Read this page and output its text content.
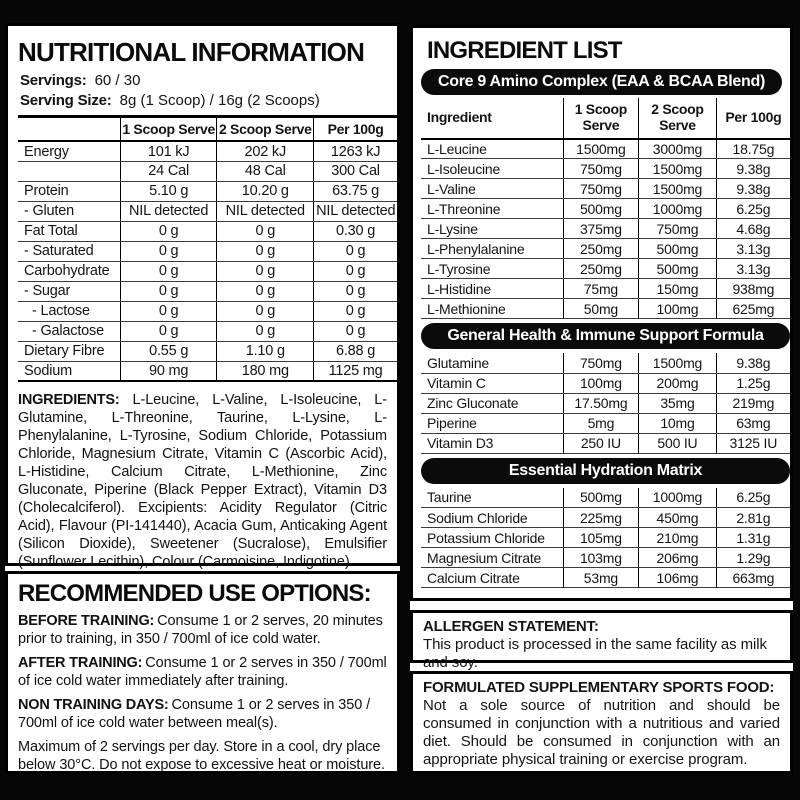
NUTRITIONAL INFORMATION
Servings: 60 / 30
Serving Size: 8g (1 Scoop) / 16g (2 Scoops)
	1 Scoop Serve	2 Scoop Serve	Per 100g
Energy	101 kJ	202 kJ	1263 kJ
	24 Cal	48 Cal	300 Cal
Protein	5.10 g	10.20 g	63.75 g
- Gluten	NIL detected	NIL detected	NIL detected
Fat Total	0 g	0 g	0.30 g
- Saturated	0 g	0 g	0 g
Carbohydrate	0 g	0 g	0 g
- Sugar	0 g	0 g	0 g
- Lactose	0 g	0 g	0 g
- Galactose	0 g	0 g	0 g
Dietary Fibre	0.55 g	1.10 g	6.88 g
Sodium	90 mg	180 mg	1125 mg

INGREDIENTS: L-Leucine, L-Valine, L-Isoleucine, L-Glutamine, L-Threonine, Taurine, L-Lysine, L-Phenylalanine, L-Tyrosine, Sodium Chloride, Potassium Chloride, Magnesium Citrate, Vitamin C (Ascorbic Acid), L-Histidine, Calcium Citrate, L-Methionine, Zinc Gluconate, Piperine (Black Pepper Extract), Vitamin D3 (Cholecalciferol). Excipients: Acidity Regulator (Citric Acid), Flavour (PI-141440), Acacia Gum, Anticaking Agent (Silicon Dioxide), Sweetener (Sucralose), Emulsifier (Sunflower Lecithin), Colour (Carmoisine, Indigotine).

RECOMMENDED USE OPTIONS:

BEFORE TRAINING: Consume 1 or 2 serves, 20 minutes prior to training, in 350 / 700ml of ice cold water.

AFTER TRAINING: Consume 1 or 2 serves in 350 / 700ml of ice cold water immediately after training.

NON TRAINING DAYS: Consume 1 or 2 serves in 350 / 700ml of ice cold water between meal(s).

Maximum of 2 servings per day. Store in a cool, dry place below 30°C. Do not expose to excessive heat or moisture.

INGREDIENT LIST
Core 9 Amino Complex (EAA & BCAA Blend)
Ingredient	1 Scoop Serve	2 Scoop Serve	Per 100g
L-Leucine	1500mg	3000mg	18.75g
L-Isoleucine	750mg	1500mg	9.38g
L-Valine	750mg	1500mg	9.38g
L-Threonine	500mg	1000mg	6.25g
L-Lysine	375mg	750mg	4.68g
L-Phenylalanine	250mg	500mg	3.13g
L-Tyrosine	250mg	500mg	3.13g
L-Histidine	75mg	150mg	938mg
L-Methionine	50mg	100mg	625mg

General Health & Immune Support Formula			

Glutamine	750mg	1500mg	9.38g
Vitamin C	100mg	200mg	1.25g
Zinc Gluconate	17.50mg	35mg	219mg
Piperine	5mg	10mg	63mg
Vitamin D3	250 IU	500 IU	3125 IU

Essential Hydration Matrix			

Taurine	500mg	1000mg	6.25g
Sodium Chloride	225mg	450mg	2.81g
Potassium Chloride	105mg	210mg	1.31g
Magnesium Citrate	103mg	206mg	1.29g
Calcium Citrate	53mg	106mg	663mg
ALLERGEN STATEMENT:
This product is processed in the same facility as milk and soy.
FORMULATED SUPPLEMENTARY SPORTS FOOD:
Not a sole source of nutrition and should be consumed in conjunction with a nutritious and varied diet. Should be consumed in conjunction with an appropriate physical training or exercise program.
